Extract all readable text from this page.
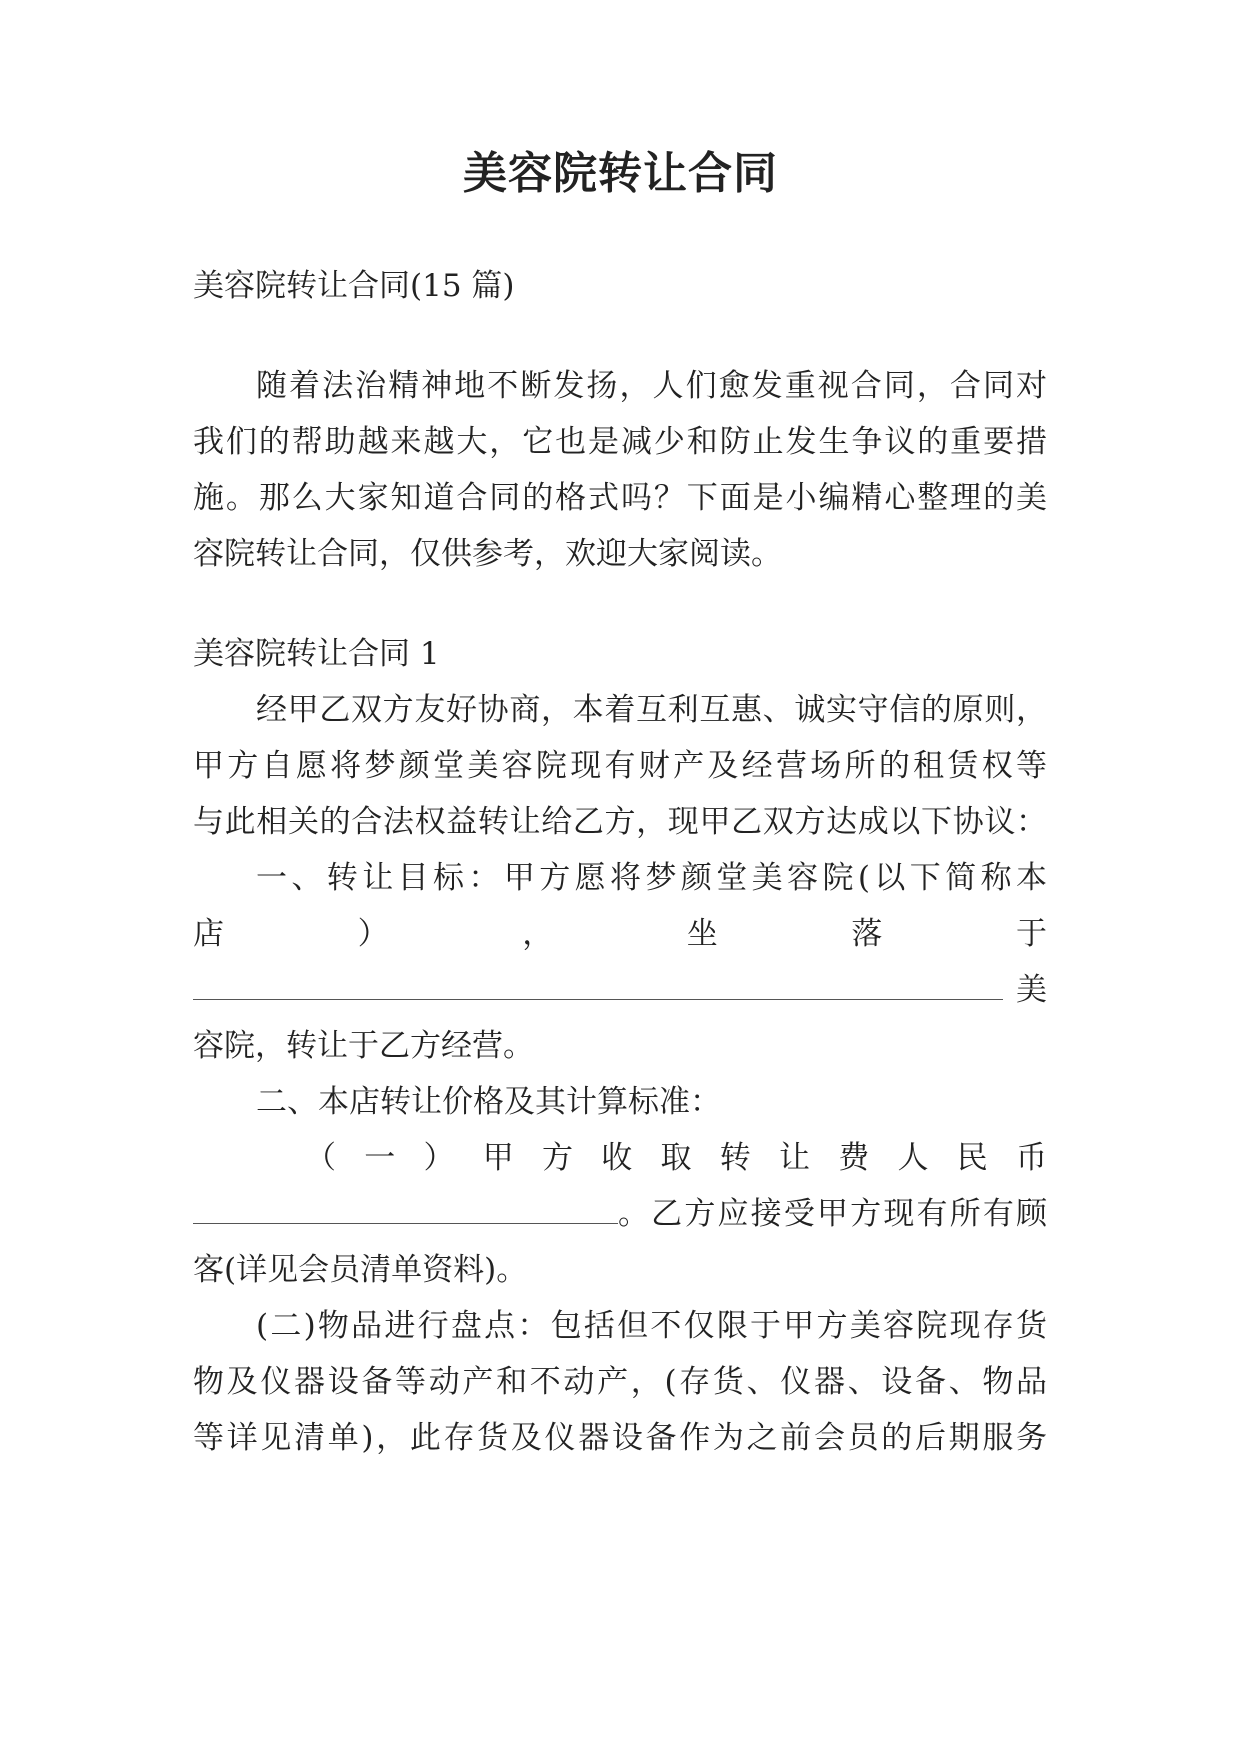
美容院转让合同
美容院转让合同(15 篇)
随着法治精神地不断发扬，人们愈发重视合同，合同对
我们的帮助越来越大，它也是减少和防止发生争议的重要措
施。那么大家知道合同的格式吗？下面是小编精心整理的美
容院转让合同，仅供参考，欢迎大家阅读。
美容院转让合同 1
经甲乙双方友好协商，本着互利互惠、诚实守信的原则，
甲方自愿将梦颜堂美容院现有财产及经营场所的租赁权等
与此相关的合法权益转让给乙方，现甲乙双方达成以下协议：
一、转让目标：甲方愿将梦颜堂美容院(以下简称本
店	）	，	坐	落	于
美
容院，转让于乙方经营。
二、本店转让价格及其计算标准：
（ 一 ） 甲 方 收 取 转 让 费 人 民 币
。乙方应接受甲方现有所有顾
客(详见会员清单资料)。
(二)物品进行盘点：包括但不仅限于甲方美容院现存货
物及仪器设备等动产和不动产，(存货、仪器、设备、物品
等详见清单)，此存货及仪器设备作为之前会员的后期服务
